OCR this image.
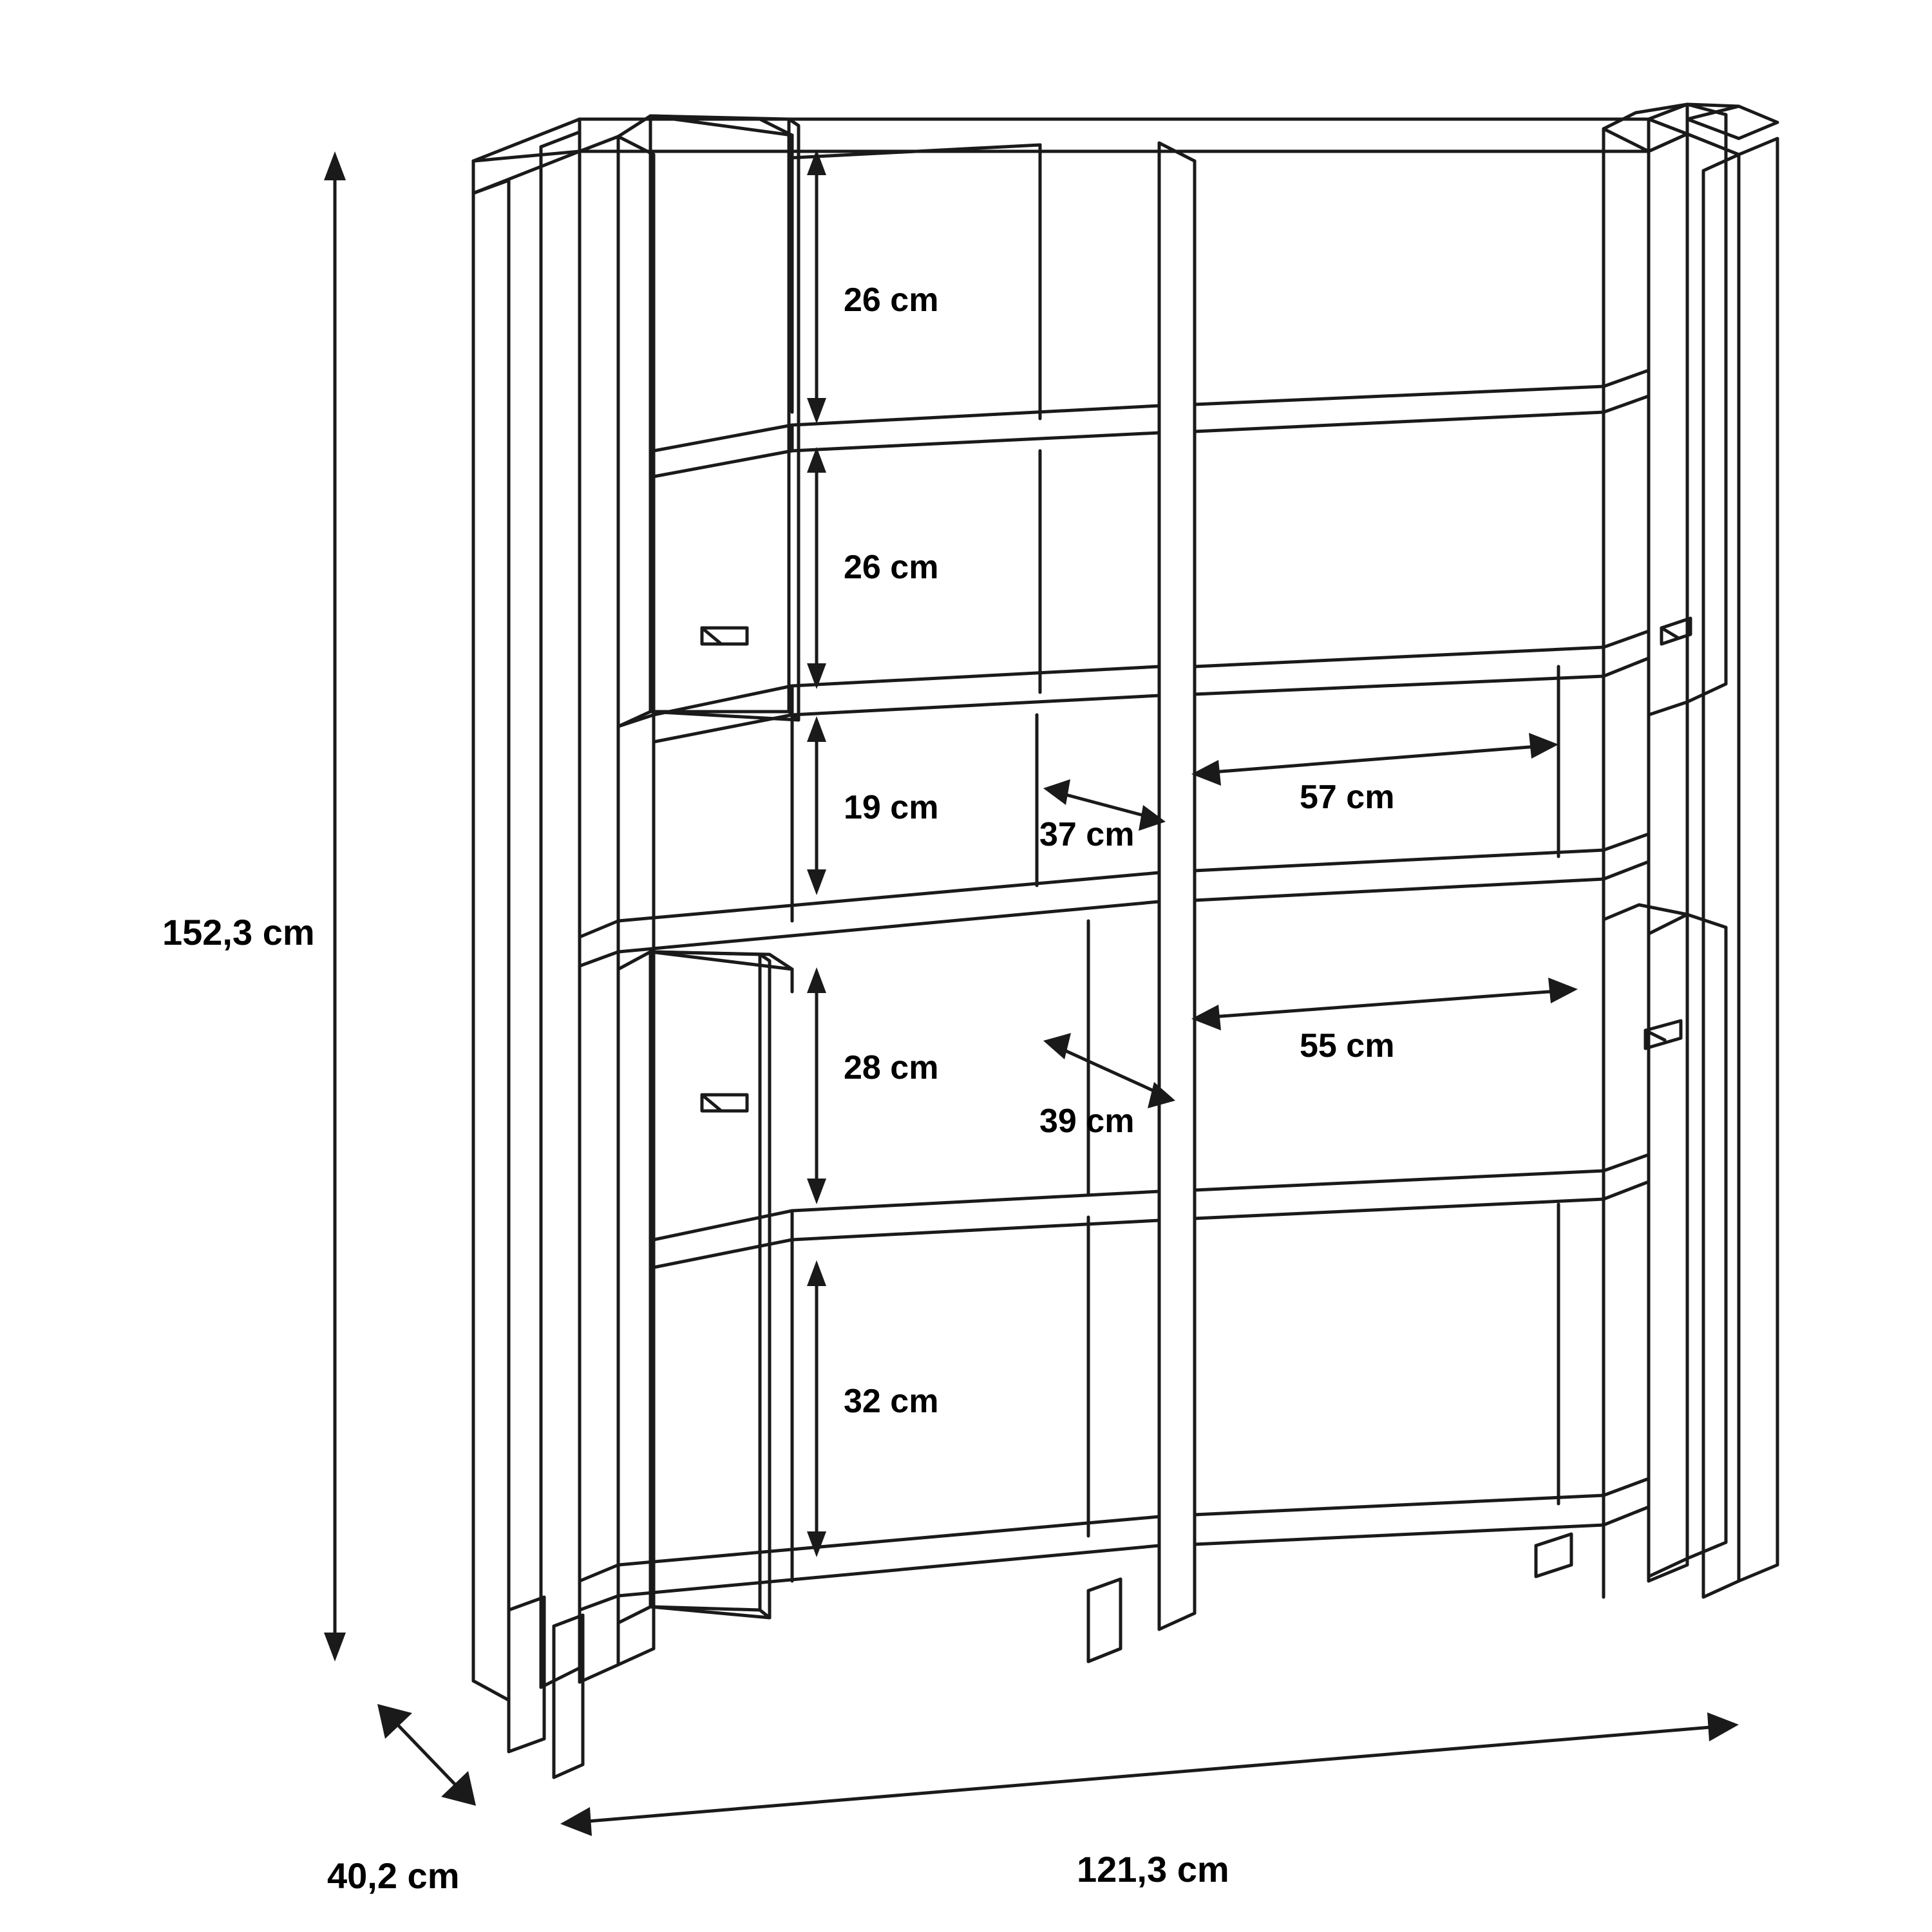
152,3 cm
121,3 cm
40,2 cm
26 cm
26 cm
19 cm
28 cm
32 cm
37 cm
57 cm
39 cm
55 cm
